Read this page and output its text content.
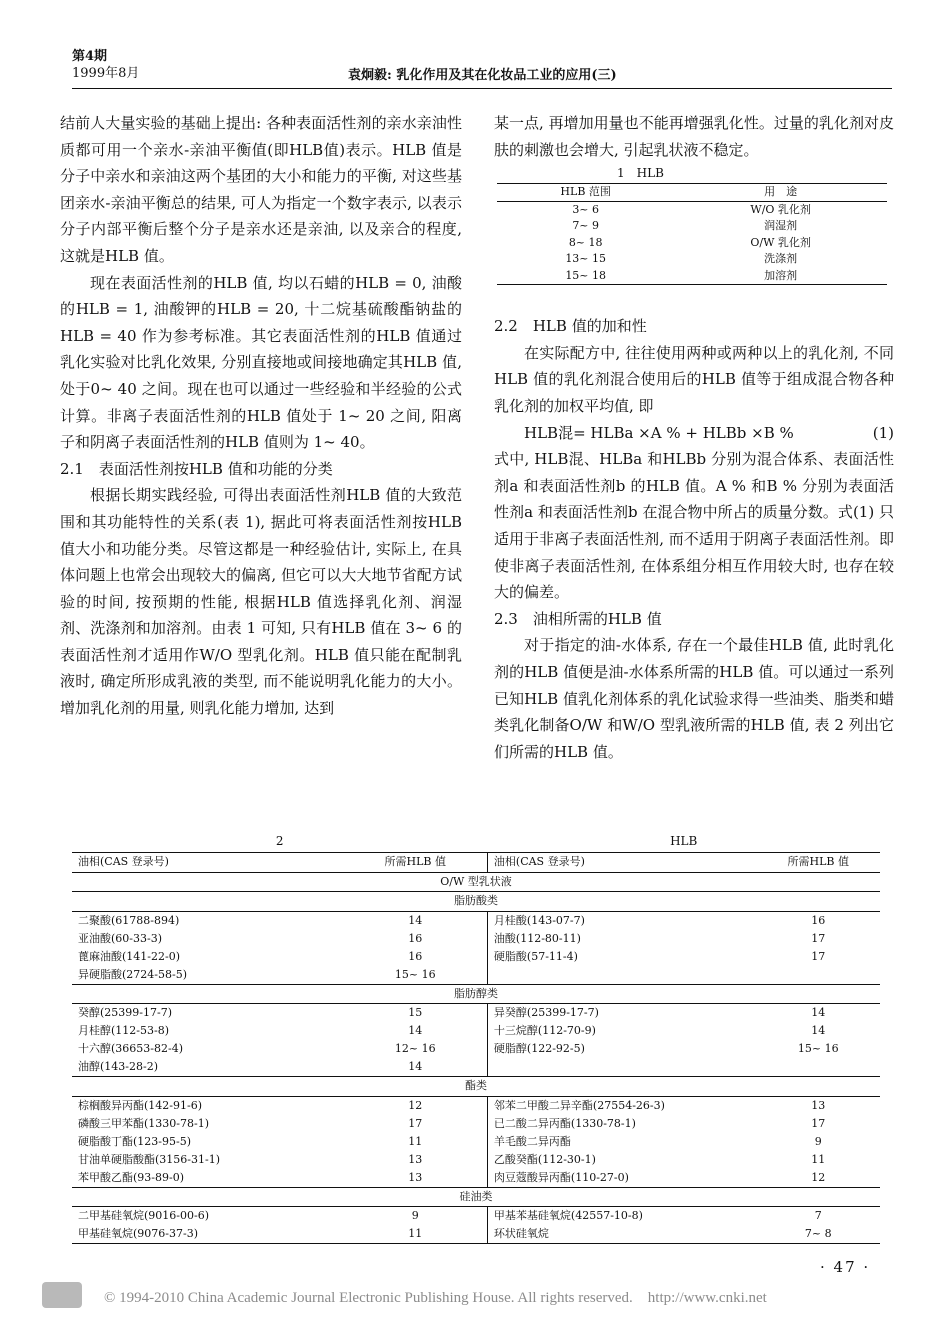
第4期
1999年8月	袁炯毅: 乳化作用及其在化妆品工业的应用(三)

结前人大量实验的基础上提出: 各种表面活性剂的亲水亲油性质都可用一个亲水-亲油平衡值(即HLB值)表示。HLB 值是分子中亲水和亲油这两个基团的大小和能力的平衡, 对这些基团亲水-亲油平衡总的结果, 可人为指定一个数字表示, 以表示分子内部平衡后整个分子是亲水还是亲油, 以及亲合的程度, 这就是HLB 值。

现在表面活性剂的HLB 值, 均以石蜡的HLB = 0, 油酸的HLB = 1, 油酸钾的HLB = 20, 十二烷基硫酸酯钠盐的HLB = 40 作为参考标准。其它表面活性剂的HLB 值通过乳化实验对比乳化效果, 分别直接地或间接地确定其HLB 值, 处于0~ 40 之间。现在也可以通过一些经验和半经验的公式计算。非离子表面活性剂的HLB 值处于 1~ 20 之间, 阳离子和阴离子表面活性剂的HLB 值则为 1~ 40。

2.1　表面活性剂按HLB 值和功能的分类

根据长期实践经验, 可得出表面活性剂HLB 值的大致范围和其功能特性的关系(表 1), 据此可将表面活性剂按HLB 值大小和功能分类。尽管这都是一种经验估计, 实际上, 在具体问题上也常会出现较大的偏离, 但它可以大大地节省配方试验的时间, 按预期的性能, 根据HLB 值选择乳化剂、润湿剂、洗涤剂和加溶剂。由表 1 可知, 只有HLB 值在 3~ 6 的表面活性剂才适用作W/O 型乳化剂。HLB 值只能在配制乳液时, 确定所形成乳液的类型, 而不能说明乳化能力的大小。增加乳化剂的用量, 则乳化能力增加, 达到

某一点, 再增加用量也不能再增强乳化性。过量的乳化剂对皮肤的刺激也会增大, 引起乳状液不稳定。

1　HLB	
HLB 范围	用　途
3~ 6	W/O 乳化剂
7~ 9	润湿剂
8~ 18	O/W 乳化剂
13~ 15	洗涤剂
15~ 18	加溶剂

2.2　HLB 值的加和性

在实际配方中, 往往使用两种或两种以上的乳化剂, 不同HLB 值的乳化剂混合使用后的HLB 值等于组成混合物各种乳化剂的加权平均值, 即

HLB混= HLBa ×A % + HLBb ×B %	(1)

式中, HLB混、HLBa 和HLBb 分别为混合体系、表面活性剂a 和表面活性剂b 的HLB 值。A % 和B % 分别为表面活性剂a 和表面活性剂b 在混合物中所占的质量分数。式(1) 只适用于非离子表面活性剂, 而不适用于阴离子表面活性剂。即使非离子表面活性剂, 在体系组分相互作用较大时, 也存在较大的偏差。

2.3　油相所需的HLB 值

对于指定的油-水体系, 存在一个最佳HLB 值, 此时乳化剂的HLB 值便是油-水体系所需的HLB 值。可以通过一系列已知HLB 值乳化剂体系的乳化试验求得一些油类、脂类和蜡类乳化制备O/W 和W/O 型乳液所需的HLB 值, 表 2 列出它们所需的HLB 值。

2		HLB	
油相(CAS 登录号)	所需HLB 值	油相(CAS 登录号)	所需HLB 值
O/W 型乳状液			
脂肪酸类			
二聚酸(61788-894)	14	月桂酸(143-07-7)	16
亚油酸(60-33-3)	16	油酸(112-80-11)	17
蓖麻油酸(141-22-0)	16	硬脂酸(57-11-4)	17
异硬脂酸(2724-58-5)	15~ 16		
脂肪醇类			
癸醇(25399-17-7)	15	异癸醇(25399-17-7)	14
月桂醇(112-53-8)	14	十三烷醇(112-70-9)	14
十六醇(36653-82-4)	12~ 16	硬脂醇(122-92-5)	15~ 16
油醇(143-28-2)	14		
酯类			
棕榈酸异丙酯(142-91-6)	12	邻苯二甲酸二异辛酯(27554-26-3)	13
磷酸三甲苯酯(1330-78-1)	17	已二酸二异丙酯(1330-78-1)	17
硬脂酸丁酯(123-95-5)	11	羊毛酸二异丙酯	9
甘油单硬脂酸酯(3156-31-1)	13	乙酸癸酯(112-30-1)	11
苯甲酸乙酯(93-89-0)	13	肉豆蔻酸异丙酯(110-27-0)	12
硅油类			
二甲基硅氧烷(9016-00-6)	9	甲基苯基硅氧烷(42557-10-8)	7
甲基硅氧烷(9076-37-3)	11	环状硅氧烷	7~ 8
· 47 ·
© 1994-2010 China Academic Journal Electronic Publishing House. All rights reserved.　http://www.cnki.net
